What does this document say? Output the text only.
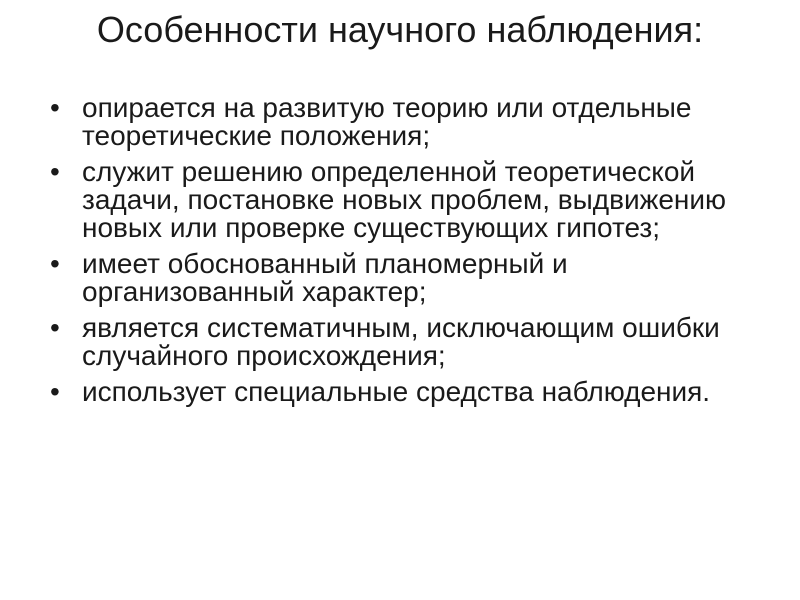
Особенности научного наблюдения:
• опирается на развитую теорию или отдельные теоретические положения;
• служит решению определенной теоретической задачи, постановке новых проблем, выдвижению новых или проверке существующих гипотез;
• имеет обоснованный планомерный и организованный характер;
• является систематичным, исключающим ошибки случайного происхождения;
• использует специальные средства наблюдения.
